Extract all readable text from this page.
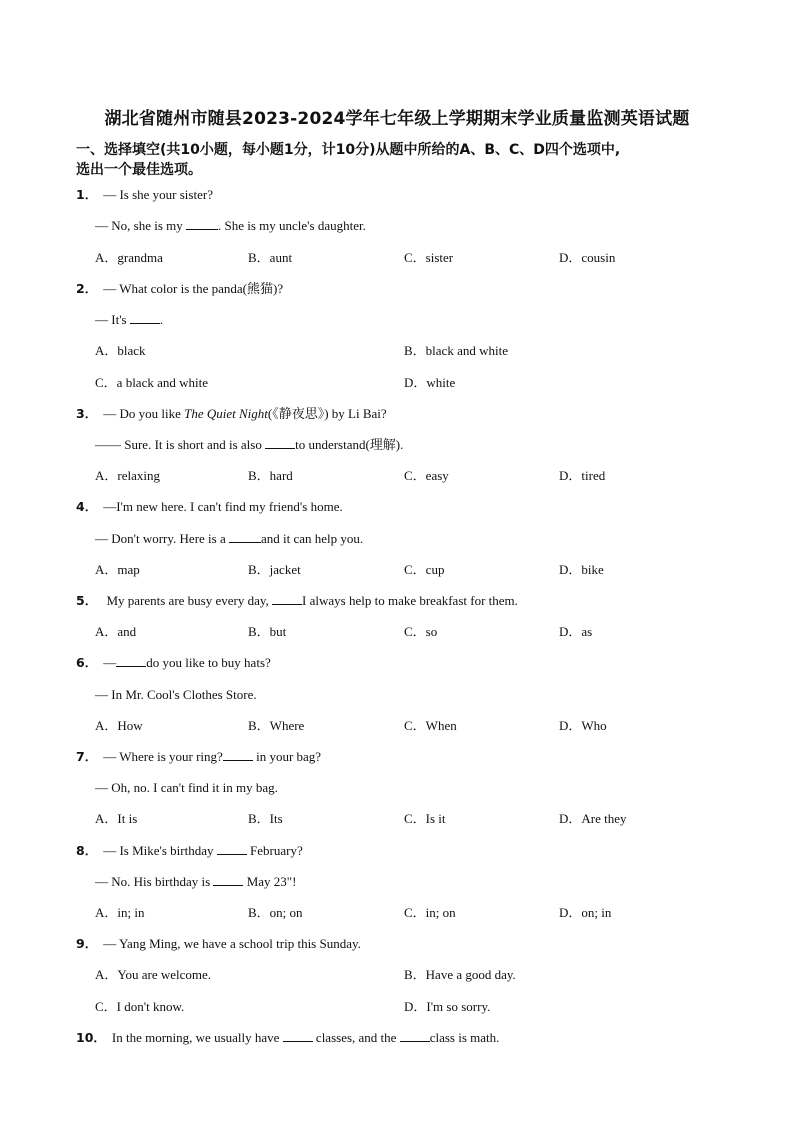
湖北省随州市随县2023-2024学年七年级上学期期末学业质量监测英语试题
一、选择填空(共10小题，每小题1分，计10分)从题中所给的A、B、C、D四个选项中,
选出一个最佳选项。
1． — Is she your sister?
— No, she is my . She is my uncle's daughter.
A．grandma	B．aunt	C．sister	D．cousin
2． — What color is the panda(熊猫)?
— It's .
A．black	B．black and white
C．a black and white	D．white
3． — Do you like The Quiet Night(《静夜思》) by Li Bai?
—— Sure. It is short and is also to understand(理解).
A．relaxing	B．hard	C．easy	D．tired
4． —I'm new here. I can't find my friend's home.
— Don't worry. Here is a and it can help you.
A．map	B．jacket	C．cup	D．bike
5． My parents are busy every day, I always help to make breakfast for them.
A．and	B．but	C．so	D．as
6． — do you like to buy hats?
— In Mr. Cool's Clothes Store.
A．How	B．Where	C．When	D．Who
7． — Where is your ring? in your bag?
— Oh, no. I can't find it in my bag.
A．It is	B．Its	C．Is it	D．Are they
8． — Is Mike's birthday  February?
— No. His birthday is  May 23"!
A．in; in	B．on; on	C．in; on	D．on; in
9． — Yang Ming, we have a school trip this Sunday.
A．You are welcome.	B．Have a good day.
C．I don't know.	D．I'm so sorry.
10． In the morning, we usually have  classes, and the class is math.
